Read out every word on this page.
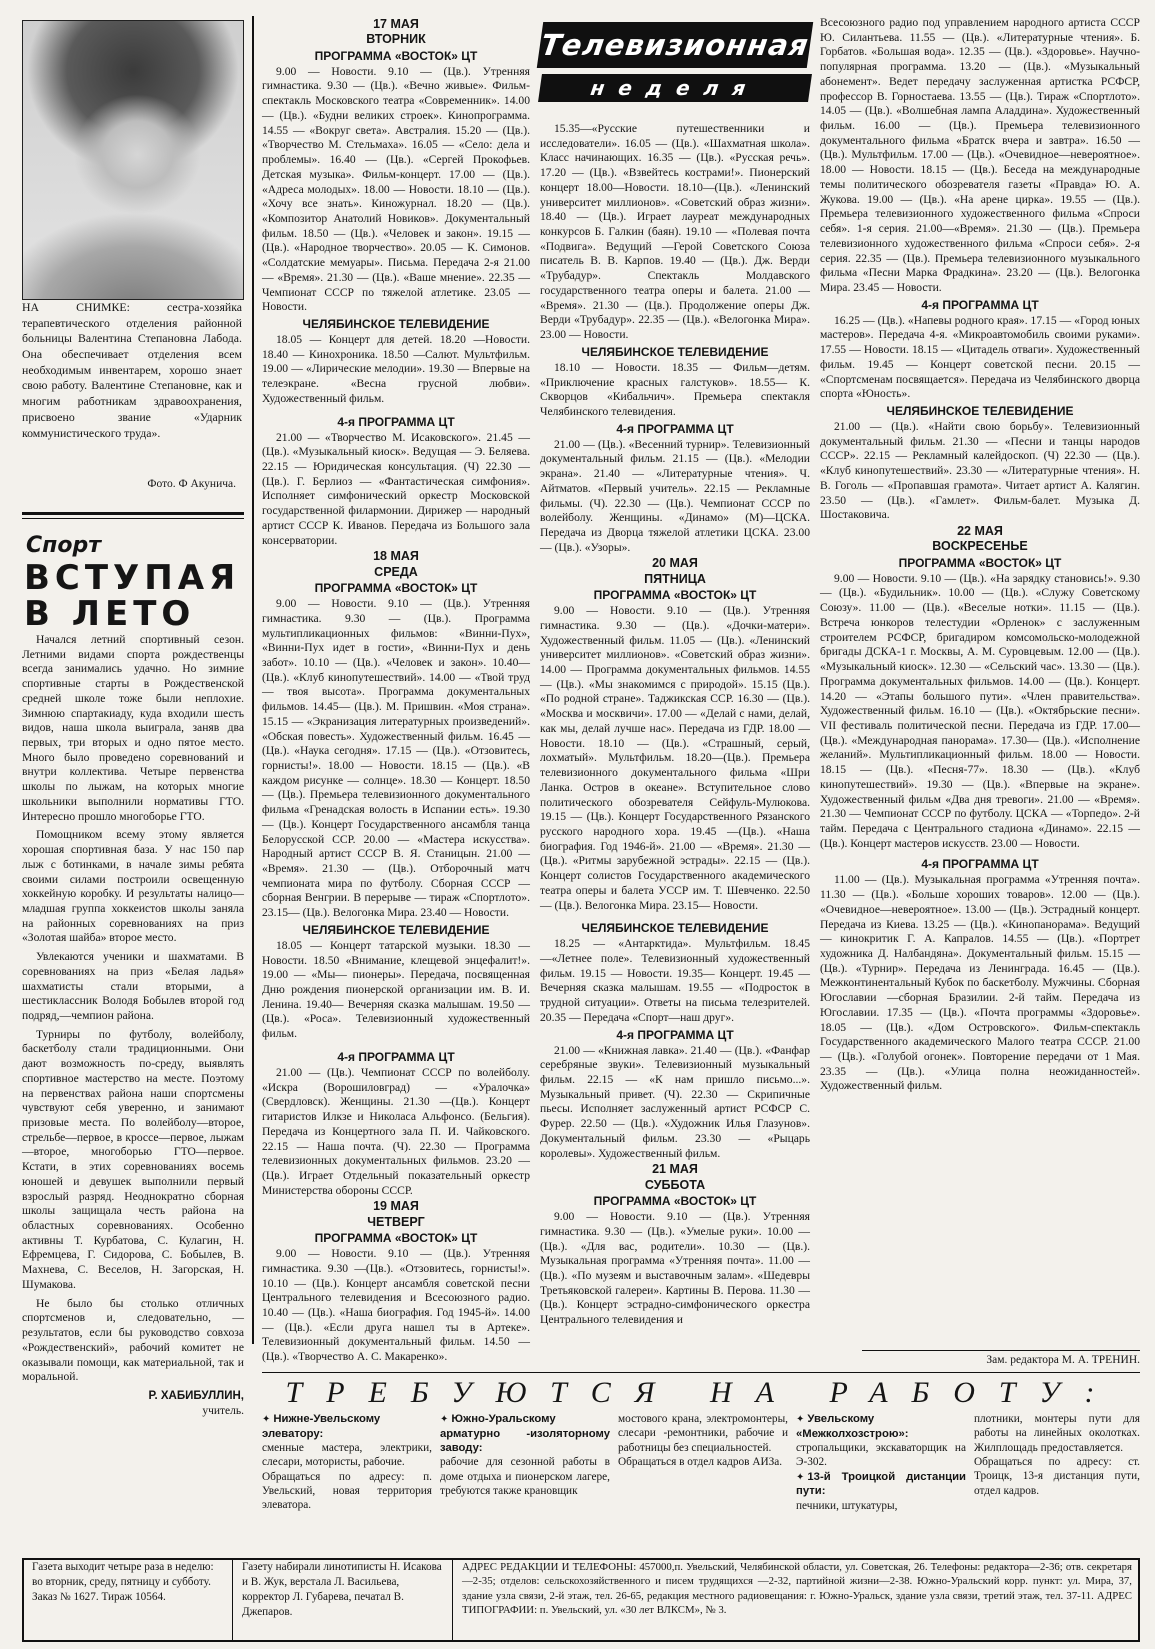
НА СНИМКЕ: сестра-хозяйка терапевтического отделения районной больницы Валентина Степановна Лабода. Она обеспечивает отделения всем необходимым инвентарем, хорошо знает свою работу. Валентине Степановне, как и многим работникам здравоохранения, присвоено звание «Ударник коммунистического труда».
Фото. Ф Акунича.
Спорт
ВСТУПАЯ В ЛЕТО

Начался летний спортивный сезон. Летними видами спорта рождественцы всегда занимались удачно. Но зимние спортивные старты в Рождественской средней школе тоже были неплохие. Зимнюю спартакиаду, куда входили шесть видов, наша школа выиграла, заняв два первых, три вторых и одно пятое место. Много было проведено соревнований и внутри коллектива. Четыре первенства школы по лыжам, на которых многие школьники выполнили нормативы ГТО. Интересно прошло многоборье ГТО.

Помощником всему этому является хорошая спортивная база. У нас 150 пар лыж с ботинками, в начале зимы ребята своими силами построили освещенную хоккейную коробку. И результаты налицо—младшая группа хоккеистов школы заняла на районных соревнованиях на приз «Золотая шайба» второе место.

Увлекаются ученики и шахматами. В соревнованиях на приз «Белая ладья» шахматисты стали вторыми, а шестиклассник Володя Бобылев второй год подряд,—чемпион района.

Турниры по футболу, волейболу, баскетболу стали традиционными. Они дают возможность по-среду, выявлять спортивное мастерство на месте. Поэтому на первенствах района наши спортсмены чувствуют себя уверенно, и занимают призовые места. По волейболу—второе, стрельбе—первое, в кроссе—первое, лыжам—второе, многоборью ГТО—первое. Кстати, в этих соревнованиях восемь юношей и девушек выполнили первый взрослый разряд. Неоднократно сборная школы защищала честь района на областных соревнованиях. Особенно активны Т. Курбатова, С. Кулагин, Н. Ефремцева, Г. Сидорова, С. Бобылев, В. Махнева, С. Веселов, Н. Загорская, Н. Шумакова.

Не было бы столько отличных спортсменов и, следовательно, — результатов, если бы руководство совхоза «Рождественский», рабочий комитет не оказывали помощи, как материальной, так и моральной.

Р. ХАБИБУЛЛИН,
учитель.
17 МАЯ
ВТОРНИК
ПРОГРАММА «ВОСТОК» ЦТ

9.00 — Новости. 9.10 — (Цв.). Утренняя гимнастика. 9.30 — (Цв.). «Вечно живые». Фильм-спектакль Московского театра «Современник». 14.00 — (Цв.). «Будни великих строек». Кинопрограмма. 14.55 — «Вокруг света». Австралия. 15.20 — (Цв.). «Творчество М. Стельмаха». 16.05 — «Село: дела и проблемы». 16.40 — (Цв.). «Сергей Прокофьев. Детская музыка». Фильм-концерт. 17.00 — (Цв.). «Адреса молодых». 18.00 — Новости. 18.10 — (Цв.). «Хочу все знать». Киножурнал. 18.20 — (Цв.). «Композитор Анатолий Новиков». Документальный фильм. 18.50 — (Цв.). «Человек и закон». 19.15 — (Цв.). «Народное творчество». 20.05 — К. Симонов. «Солдатские мемуары». Письма. Передача 2-я 21.00 — «Время». 21.30 — (Цв.). «Ваше мнение». 22.35 — Чемпионат СССР по тяжелой атлетике. 23.05 — Новости.

ЧЕЛЯБИНСКОЕ ТЕЛЕВИДЕНИЕ

18.05 — Концерт для детей. 18.20 —Новости. 18.40 — Кинохроника. 18.50 —Салют. Мультфильм. 19.00 — «Лирические мелодии». 19.30 — Впервые на телеэкране. «Весна грусной любви». Художественный фильм.

4-я ПРОГРАММА ЦТ

21.00 — «Творчество М. Исаковского». 21.45 — (Цв.). «Музыкальный киоск». Ведущая — Э. Беляева. 22.15 — Юридическая консультация. (Ч) 22.30 — (Цв.). Г. Берлиоз — «Фантастическая симфония». Исполняет симфонический оркестр Московской государственной филармонии. Дирижер — народный артист СССР К. Иванов. Передача из Большого зала консерватории.

18 МАЯ
СРЕДА
ПРОГРАММА «ВОСТОК» ЦТ

9.00 — Новости. 9.10 — (Цв.). Утренняя гимнастика. 9.30 — (Цв.). Программа мультипликационных фильмов: «Винни-Пух», «Винни-Пух идет в гости», «Винни-Пух и день забот». 10.10 — (Цв.). «Человек и закон». 10.40—(Цв.). «Клуб кинопутешествий». 14.00 — «Твой труд — твоя высота». Программа документальных фильмов. 14.45— (Цв.). М. Пришвин. «Моя страна». 15.15 — «Экранизация литературных произведений». «Обская повесть». Художественный фильм. 16.45 — (Цв.). «Наука сегодня». 17.15 — (Цв.). «Отзовитесь, горнисты!». 18.00 — Новости. 18.15 — (Цв.). «В каждом рисунке — солнце». 18.30 — Концерт. 18.50 — (Цв.). Премьера телевизионного документального фильма «Гренадская волость в Испании есть». 19.30 — (Цв.). Концерт Государственного ансамбля танца Белорусской ССР. 20.00 — «Мастера искусства». Народный артист СССР В. Я. Станицын. 21.00 — «Время». 21.30 — (Цв.). Отборочный матч чемпионата мира по футболу. Сборная СССР — сборная Венгрии. В перерыве — тираж «Спортлото». 23.15— (Цв.). Велогонка Мира. 23.40 — Новости.

ЧЕЛЯБИНСКОЕ ТЕЛЕВИДЕНИЕ

18.05 — Концерт татарской музыки. 18.30 — Новости. 18.50 «Внимание, клещевой энцефалит!». 19.00 — «Мы— пионеры». Передача, посвященная Дню рождения пионерской организации им. В. И. Ленина. 19.40— Вечерняя сказка малышам. 19.50 — (Цв.). «Роса». Телевизионный художественный фильм.

4-я ПРОГРАММА ЦТ

21.00 — (Цв.). Чемпионат СССР по волейболу. «Искра (Ворошиловград) — «Уралочка» (Свердловск). Женщины. 21.30 —(Цв.). Концерт гитаристов Илкзе и Николаса Альфонсо. (Бельгия). Передача из Концертного зала П. И. Чайковского. 22.15 — Наша почта. (Ч). 22.30 — Программа телевизионных документальных фильмов. 23.20 — (Цв.). Играет Отдельный показательный оркестр Министерства обороны СССР.

19 МАЯ
ЧЕТВЕРГ
ПРОГРАММА «ВОСТОК» ЦТ

9.00 — Новости. 9.10 — (Цв.). Утренняя гимнастика. 9.30 —(Цв.). «Отзовитесь, горнисты!». 10.10 — (Цв.). Концерт ансамбля советской песни Центрального телевидения и Всесоюзного радио. 10.40 — (Цв.). «Наша биография. Год 1945-й». 14.00 — (Цв.). «Если друга нашел ты в Артеке». Телевизионный документальный фильм. 14.50 —(Цв.). «Творчество А. С. Макаренко».

Телевизионная
неделя

15.35—«Русские путешественники и исследователи». 16.05 — (Цв.). «Шахматная школа». Класс начинающих. 16.35 — (Цв.). «Русская речь». 17.20 — (Цв.). «Взвейтесь кострами!». Пионерский концерт 18.00—Новости. 18.10—(Цв.). «Ленинский университет миллионов». «Советский образ жизни». 18.40 — (Цв.). Играет лауреат международных конкурсов Б. Галкин (баян). 19.10 — «Полевая почта «Подвига». Ведущий —Герой Советского Союза писатель В. В. Карпов. 19.40 — (Цв.). Дж. Верди «Трубадур». Спектакль Молдавского государственного театра оперы и балета. 21.00 — «Время». 21.30 — (Цв.). Продолжение оперы Дж. Верди «Трубадур». 22.35 — (Цв.). «Велогонка Мира». 23.00 — Новости.

ЧЕЛЯБИНСКОЕ ТЕЛЕВИДЕНИЕ

18.10 — Новости. 18.35 — Фильм—детям. «Приключение красных галстуков». 18.55— К. Скворцов «Кибальчич». Премьера спектакля Челябинского телевидения.

4-я ПРОГРАММА ЦТ

21.00 — (Цв.). «Весенний турнир». Телевизионный документальный фильм. 21.15 — (Цв.). «Мелодии экрана». 21.40 — «Литературные чтения». Ч. Айтматов. «Первый учитель». 22.15 — Рекламные фильмы. (Ч). 22.30 — (Цв.). Чемпионат СССР по волейболу. Женщины. «Динамо» (М)—ЦСКА. Передача из Дворца тяжелой атлетики ЦСКА. 23.00 — (Цв.). «Узоры».

20 МАЯ
ПЯТНИЦА
ПРОГРАММА «ВОСТОК» ЦТ

9.00 — Новости. 9.10 — (Цв.). Утренняя гимнастика. 9.30 — (Цв.). «Дочки-матери». Художественный фильм. 11.05 — (Цв.). «Ленинский университет миллионов». «Советский образ жизни». 14.00 — Программа документальных фильмов. 14.55 — (Цв.). «Мы знакомимся с природой». 15.15 (Цв.). «По родной стране». Таджикская ССР. 16.30 — (Цв.). «Москва и москвичи». 17.00 — «Делай с нами, делай, как мы, делай лучше нас». Передача из ГДР. 18.00 — Новости. 18.10 — (Цв.). «Страшный, серый, лохматый». Мультфильм. 18.20—(Цв.). Премьера телевизионного документального фильма «Шри Ланка. Остров в океане». Вступительное слово политического обозревателя Сейфуль-Мулюкова. 19.15 — (Цв.). Концерт Государственного Рязанского русского народного хора. 19.45 —(Цв.). «Наша биография. Год 1946-й». 21.00 — «Время». 21.30 — (Цв.). «Ритмы зарубежной эстрады». 22.15 — (Цв.). Концерт солистов Государственного академического театра оперы и балета УССР им. Т. Шевченко. 22.50 — (Цв.). Велогонка Мира. 23.15— Новости.

ЧЕЛЯБИНСКОЕ ТЕЛЕВИДЕНИЕ

18.25 — «Антарктида». Мультфильм. 18.45 —«Летнее поле». Телевизионный художественный фильм. 19.15 — Новости. 19.35— Концерт. 19.45 — Вечерняя сказка малышам. 19.55 — «Подросток в трудной ситуации». Ответы на письма телезрителей. 20.35 — Передача «Спорт—наш друг».

4-я ПРОГРАММА ЦТ

21.00 — «Книжная лавка». 21.40 — (Цв.). «Фанфар серебряные звуки». Телевизионный музыкальный фильм. 22.15 — «К нам пришло письмо...». Музыкальный привет. (Ч). 22.30 — Скрипичные пьесы. Исполняет заслуженный артист РСФСР С. Фурер. 22.50 — (Цв.). «Художник Илья Глазунов». Документальный фильм. 23.30 — «Рыцарь королевы». Художественный фильм.

21 МАЯ
СУББОТА
ПРОГРАММА «ВОСТОК» ЦТ

9.00 — Новости. 9.10 — (Цв.). Утренняя гимнастика. 9.30 — (Цв.). «Умелые руки». 10.00 — (Цв.). «Для вас, родители». 10.30 — (Цв.). Музыкальная программа «Утренняя почта». 11.00 — (Цв.). «По музеям и выставочным залам». «Шедевры Третьяковской галереи». Картины В. Перова. 11.30 —(Цв.). Концерт эстрадно-симфонического оркестра Центрального телевидения и

Всесоюзного радио под управлением народного артиста СССР Ю. Силантьева. 11.55 — (Цв.). «Литературные чтения». Б. Горбатов. «Большая вода». 12.35 — (Цв.). «Здоровье». Научно-популярная программа. 13.20 — (Цв.). «Музыкальный абонемент». Ведет передачу заслуженная артистка РСФСР, профессор В. Горностаева. 13.55 — (Цв.). Тираж «Спортлото». 14.05 — (Цв.). «Волшебная лампа Аладдина». Художественный фильм. 16.00 — (Цв.). Премьера телевизионного документального фильма «Братск вчера и завтра». 16.50 — (Цв.). Мультфильм. 17.00 — (Цв.). «Очевидное—невероятное». 18.00 — Новости. 18.15 — (Цв.). Беседа на международные темы политического обозревателя газеты «Правда» Ю. А. Жукова. 19.00 — (Цв.). «На арене цирка». 19.55 — (Цв.). Премьера телевизионного художественного фильма «Спроси себя». 1-я серия. 21.00—«Время». 21.30 — (Цв.). Премьера телевизионного художественного фильма «Спроси себя». 2-я серия. 22.35 — (Цв.). Премьера телевизионного музыкального фильма «Песни Марка Фрадкина». 23.20 — (Цв.). Велогонка Мира. 23.45 — Новости.

4-я ПРОГРАММА ЦТ

16.25 — (Цв.). «Напевы родного края». 17.15 — «Город юных мастеров». Передача 4-я. «Микроавтомобиль своими руками». 17.55 — Новости. 18.15 — «Цитадель отваги». Художественный фильм. 19.45 — Концерт советской песни. 20.15 — «Спортсменам посвящается». Передача из Челябинского дворца спорта «Юность».

ЧЕЛЯБИНСКОЕ ТЕЛЕВИДЕНИЕ

21.00 — (Цв.). «Найти свою борьбу». Телевизионный документальный фильм. 21.30 — «Песни и танцы народов СССР». 22.15 — Рекламный калейдоскоп. (Ч) 22.30 — (Цв.). «Клуб кинопутешествий». 23.30 — «Литературные чтения». Н. В. Гоголь — «Пропавшая грамота». Читает артист А. Калягин. 23.50 — (Цв.). «Гамлет». Фильм-балет. Музыка Д. Шостаковича.

22 МАЯ
ВОСКРЕСЕНЬЕ
ПРОГРАММА «ВОСТОК» ЦТ

9.00 — Новости. 9.10 — (Цв.). «На зарядку становись!». 9.30 — (Цв.). «Будильник». 10.00 — (Цв.). «Служу Советскому Союзу». 11.00 — (Цв.). «Веселые нотки». 11.15 — (Цв.). Встреча юнкоров телестудии «Орленок» с заслуженным строителем РСФСР, бригадиром комсомольско-молодежной бригады ДСКА-1 г. Москвы, А. М. Суровцевым. 12.00 — (Цв.). «Музыкальный киоск». 12.30 — «Сельский час». 13.30 — (Цв.). Программа документальных фильмов. 14.00 — (Цв.). Концерт. 14.20 — «Этапы большого пути». «Член правительства». Художественный фильм. 16.10 — (Цв.). «Октябрьские песни». VII фестиваль политической песни. Передача из ГДР. 17.00— (Цв.). «Международная панорама». 17.30— (Цв.). «Исполнение желаний». Мультипликационный фильм. 18.00 — Новости. 18.15 — (Цв.). «Песня-77». 18.30 — (Цв.). «Клуб кинопутешествий». 19.30 — (Цв.). «Впервые на экране». Художественный фильм «Два дня тревоги». 21.00 — «Время». 21.30 — Чемпионат СССР по футболу. ЦСКА — «Торпедо». 2-й тайм. Передача с Центрального стадиона «Динамо». 22.15 — (Цв.). Концерт мастеров искусств. 23.00 — Новости.

4-я ПРОГРАММА ЦТ

11.00 — (Цв.). Музыкальная программа «Утренняя почта». 11.30 — (Цв.). «Больше хороших товаров». 12.00 — (Цв.). «Очевидное—невероятное». 13.00 — (Цв.). Эстрадный концерт. Передача из Киева. 13.25 — (Цв.). «Кинопанорама». Ведущий — кинокритик Г. А. Капралов. 14.55 — (Цв.). «Портрет художника Д. Налбандяна». Документальный фильм. 15.15 — (Цв.). «Турнир». Передача из Ленинграда. 16.45 — (Цв.). Межконтинентальный Кубок по баскетболу. Мужчины. Сборная Югославии —сборная Бразилии. 2-й тайм. Передача из Югославии. 17.35 — (Цв.). «Почта программы «Здоровье». 18.05 — (Цв.). «Дом Островского». Фильм-спектакль Государственного академического Малого театра СССР. 21.00 — (Цв.). «Голубой огонек». Повторение передачи от 1 Мая. 23.35 — (Цв.). «Улица полна неожиданностей». Художественный фильм.

Зам. редактора М. А. ТРЕНИН.
ТРЕБУЮТСЯ НА РАБОТУ:

✦ Нижне-Увельскому элеватору:

сменные мастера, электрики, слесари, мотористы, рабочие.

Обращаться по адресу: п. Увельский, новая территория элеватора.

✦ Южно-Уральскому арматурно -изоляторному заводу:

рабочие для сезонной работы в доме отдыха и пионерском лагере, требуются также крановщик

мостового крана, электромонтеры, слесари -ремонтники, рабочие и работницы без специальностей.

Обращаться в отдел кадров АИЗа.

✦ Увельскому «Межколхозстрою»:

стропальщики, экскаваторщик на Э-302.

✦ 13-й Троицкой дистанции пути:

печники, штукатуры,

плотники, монтеры пути для работы на линейных околотках. Жилплощадь предоставляется.

Обращаться по адресу: ст. Троицк, 13-я дистанция пути, отдел кадров.

Газета выходит четыре раза в неделю: во вторник, среду, пятницу и субботу. Заказ № 1627. Тираж 10564.
Газету набирали линотиписты Н. Исакова и В. Жук, верстала Л. Васильева, корректор Л. Губарева, печатал В. Джепаров.
АДРЕС РЕДАКЦИИ И ТЕЛЕФОНЫ: 457000,п. Увельский, Челябинской области, ул. Советская, 26. Телефоны: редактора—2-36; отв. секретаря—2-35; отделов: сельскохозяйственного и писем трудящихся —2-32, партийной жизни—2-38. Южно-Уральский корр. пункт: ул. Мира, 37, здание узла связи, 2-й этаж, тел. 26-65, редакция местного радиовещания: г. Южно-Уральск, здание узла связи, третий этаж, тел. 37-11. АДРЕС ТИПОГРАФИИ: п. Увельский, ул. «30 лет ВЛКСМ», № 3.
